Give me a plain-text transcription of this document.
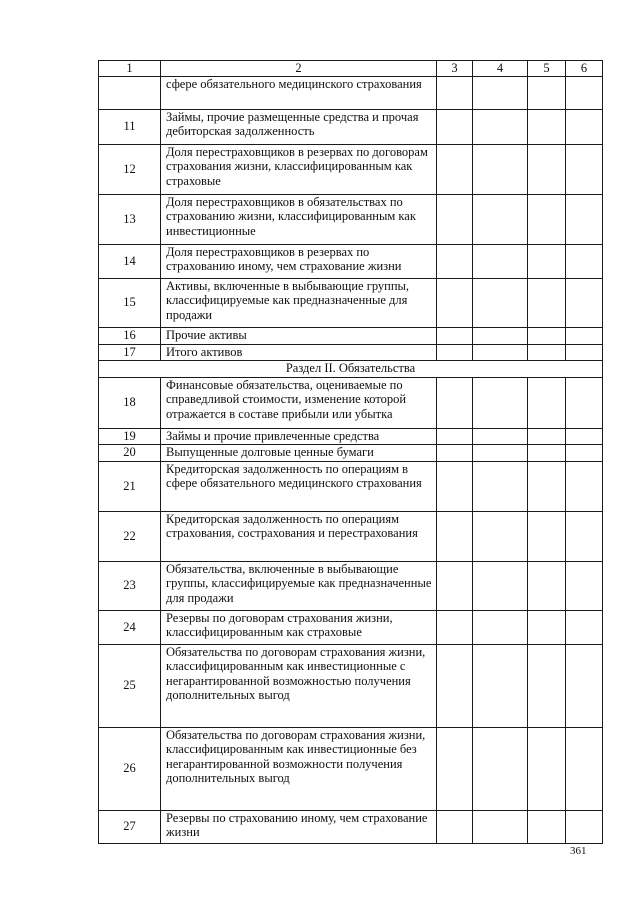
1	2	3	4	5	6
	сфере обязательного медицинского страхования				
11	Займы, прочие размещенные средства и прочая дебиторская задолженность				
12	Доля перестраховщиков в резервах по договорам страхования жизни, классифицированным как страховые				
13	Доля перестраховщиков в обязательствах по страхованию жизни, классифицированным как инвестиционные				
14	Доля перестраховщиков в резервах по страхованию иному, чем страхование жизни				
15	Активы, включенные в выбывающие группы, классифицируемые как предназначенные для продажи				
16	Прочие активы				
17	Итого активов				
Раздел II. Обязательства					
18	Финансовые обязательства, оцениваемые по справедливой стоимости, изменение которой отражается в составе прибыли или убытка				
19	Займы и прочие привлеченные средства				
20	Выпущенные долговые ценные бумаги				
21	Кредиторская задолженность по операциям в сфере обязательного медицинского страхования				
22	Кредиторская задолженность по операциям страхования, сострахования и перестрахования				
23	Обязательства, включенные в выбывающие группы, классифицируемые как предназначенные для продажи				
24	Резервы по договорам страхования жизни, классифицированным как страховые				
25	Обязательства по договорам страхования жизни, классифицированным как инвестиционные с негарантированной возможностью получения дополнительных выгод				
26	Обязательства по договорам страхования жизни, классифицированным как инвестиционные без негарантированной возможности получения дополнительных выгод				
27	Резервы по страхованию иному, чем страхование жизни				
361
